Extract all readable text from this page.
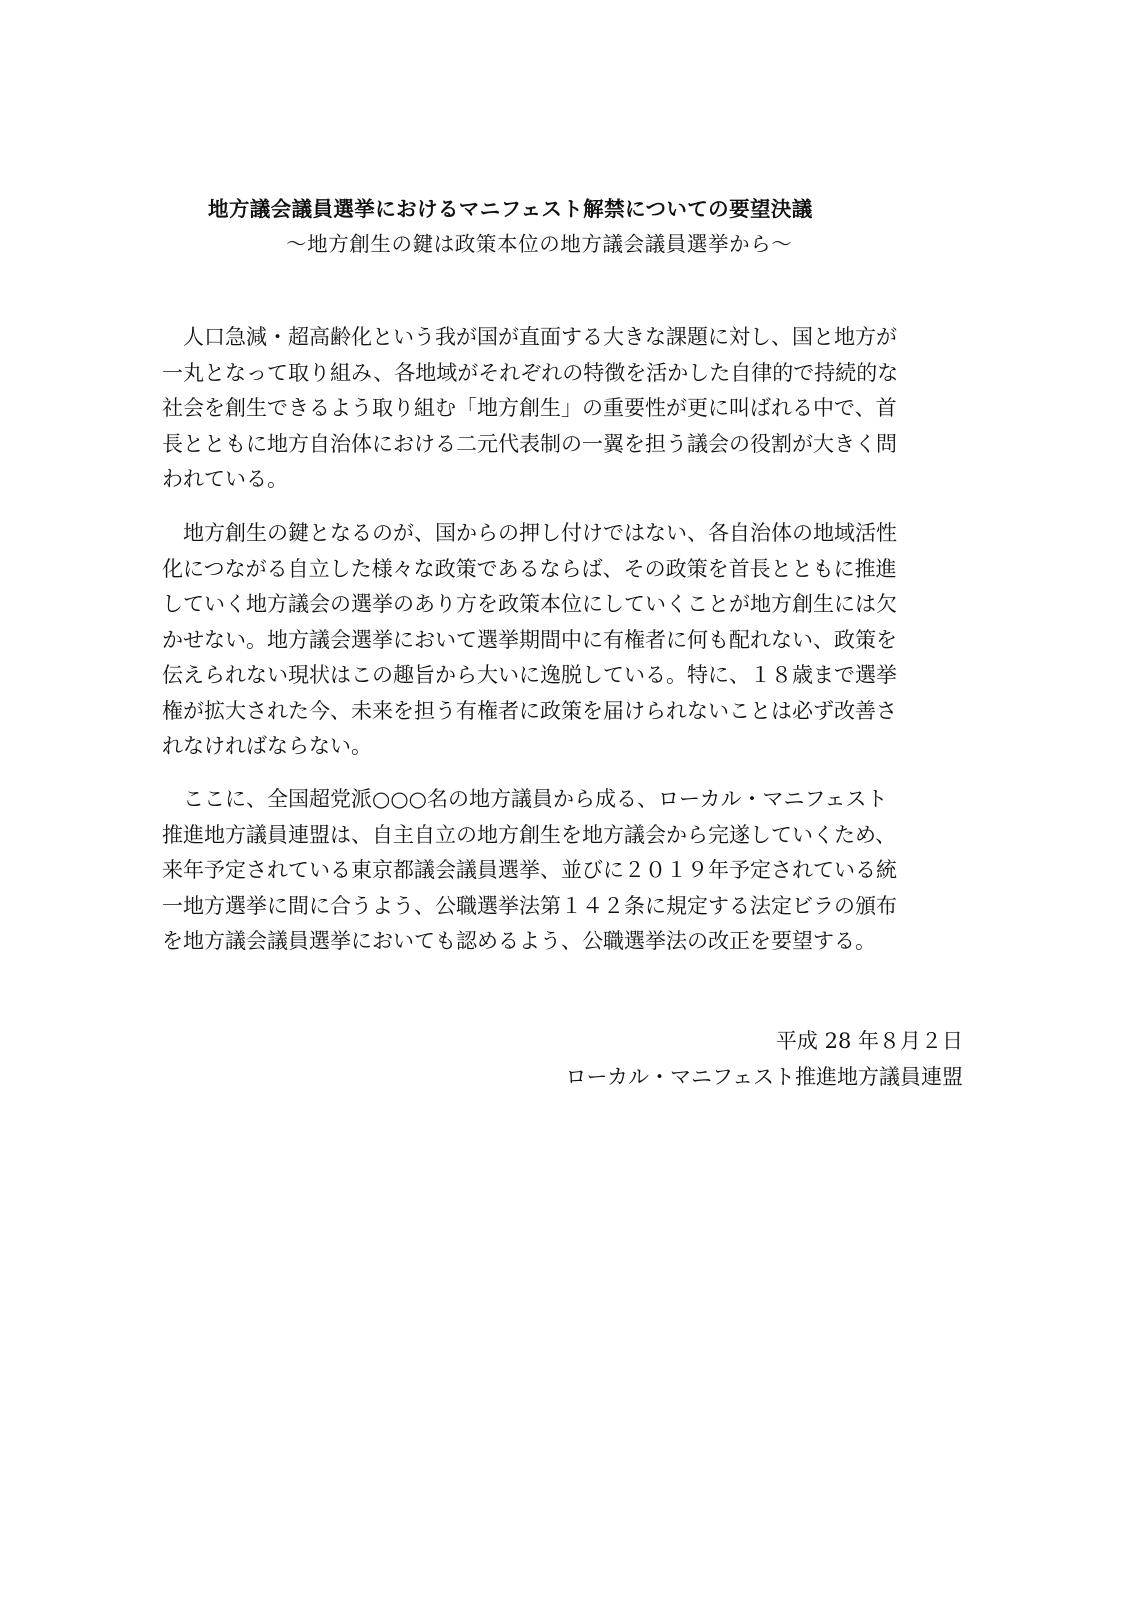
地方議会議員選挙におけるマニフェスト解禁についての要望決議
～地方創生の鍵は政策本位の地方議会議員選挙から～

　人口急減・超高齢化という我が国が直面する大きな課題に対し、国と地方が
一丸となって取り組み、各地域がそれぞれの特徴を活かした自律的で持続的な
社会を創生できるよう取り組む「地方創生」の重要性が更に叫ばれる中で、首
長とともに地方自治体における二元代表制の一翼を担う議会の役割が大きく問
われている。

　地方創生の鍵となるのが、国からの押し付けではない、各自治体の地域活性
化につながる自立した様々な政策であるならば、その政策を首長とともに推進
していく地方議会の選挙のあり方を政策本位にしていくことが地方創生には欠
かせない。地方議会選挙において選挙期間中に有権者に何も配れない、政策を
伝えられない現状はこの趣旨から大いに逸脱している。特に、１８歳まで選挙
権が拡大された今、未来を担う有権者に政策を届けられないことは必ず改善さ
れなければならない。

　ここに、全国超党派○○○名の地方議員から成る、ローカル・マニフェスト
推進地方議員連盟は、自主自立の地方創生を地方議会から完遂していくため、
来年予定されている東京都議会議員選挙、並びに２０１９年予定されている統
一地方選挙に間に合うよう、公職選挙法第１４２条に規定する法定ビラの頒布
を地方議会議員選挙においても認めるよう、公職選挙法の改正を要望する。

平成 28 年８月２日
ローカル・マニフェスト推進地方議員連盟
